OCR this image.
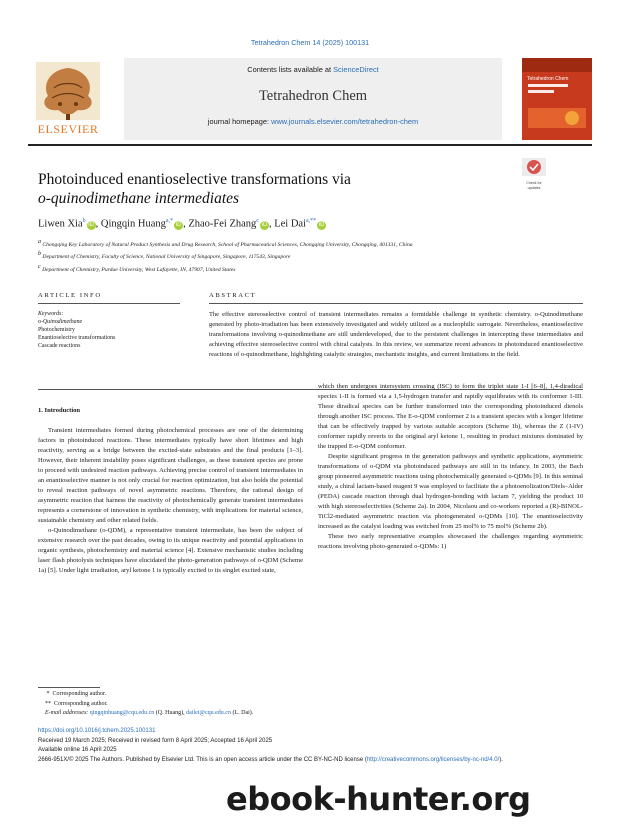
Tetrahedron Chem 14 (2025) 100131
ELSEVIER
Contents lists available at ScienceDirect
Tetrahedron Chem
journal homepage: www.journals.elsevier.com/tetrahedron-chem
Tetrahedron Chem
Photoinduced enantioselective transformations via
o-quinodimethane intermediates
Check for
updates
Liwen Xia$^b$iD , Qingqin Huang$^{a,*}$iD , Zhao-Fei Zhang$^c$iD , Lei Dai$^{a,**}$iD
$^a$ Chongqing Key Laboratory of Natural Product Synthesis and Drug Research, School of Pharmaceutical Sciences, Chongqing University, Chongqing, 401331, China
$^b$ Department of Chemistry, Faculty of Science, National University of Singapore, Singapore, 117543, Singapore
$^c$ Department of Chemistry, Purdue University, West Lafayette, IN, 47907, United States
ARTICLE INFO	ABSTRACT
Keywords:
o-Quinodimethane
Photochemistry
Enantioselective transformations
Cascade reactions
The effective stereoselective control of transient intermediates remains a formidable challenge in synthetic chemistry. o-Quinodimethane generated by photo-irradiation has been extensively investigated and widely utilized as a nucleophilic surrogate. Nevertheless, enantioselective transformations involving o-quinodimethane are still underdeveloped, due to the persistent challenges in intercepting these intermediates and achieving effective stereoselective control with chiral catalysts. In this review, we summarize recent advances in photoinduced enantioselective reactions of o-quinodimethane, highlighting catalytic strategies, mechanistic insights, and current limitations in the field.
1. Introduction

Transient intermediates formed during photochemical processes are one of the determining factors in photoinduced reactions. These intermediates typically have short lifetimes and high reactivity, serving as a bridge between the excited-state substrates and the final products [1–3]. However, their inherent instability poses significant challenges, as these transient species are prone to proceed with undesired reaction pathways. Achieving precise control of transient intermediates in an enantioselective manner is not only crucial for reaction optimization, but also holds the potential to reveal reaction pathways of novel asymmetric reactions. Therefore, the rational design of asymmetric reaction that harness the reactivity of photochemically generate transient intermediates represents a cornerstone of innovation in synthetic chemistry, with implications for material science, sustainable chemistry and other related fields.

o-Quinodimethane (o-QDM), a representative transient intermediate, has been the subject of extensive research over the past decades, owing to its unique reactivity and potential applications in organic synthesis, photochemistry and material science [4]. Extensive mechanistic studies including laser flash photolysis techniques have elucidated the photo-generation pathways of o-QDM (Scheme 1a) [5]. Under light irradiation, aryl ketone 1 is typically excited to its singlet excited state,

which then undergoes intersystem crossing (ISC) to form the triplet state 1-I [6–8], 1,4-diradical species 1-II is formed via a 1,5-hydrogen transfer and rapidly equilibrates with its conformer 1-III. These diradical species can be further transformed into the corresponding photoinduced dienols through another ISC process. The E-o-QDM conformer 2 is a transient species with a longer lifetime that can be effectively trapped by various suitable acceptors (Scheme 1b), whereas the Z (1-IV) conformer rapidly reverts to the original aryl ketone 1, resulting in product mixtures dominated by the trapped E-o-QDM conformer.

Despite significant progress in the generation pathways and synthetic applications, asymmetric transformations of o-QDM via photoinduced pathways are still in its infancy. In 2003, the Bach group pioneered asymmetric reactions using photochemically generated o-QDMs [9]. In this seminal study, a chiral lactam-based reagent 9 was employed to facilitate the a photoenolization/Diels–Alder (PEDA) cascade reaction through dual hydrogen-bonding with lactam 7, yielding the product 10 with high stereoselectivities (Scheme 2a). In 2004, Nicolaou and co-workers reported a (R)-BINOL-TiCl2-mediated asymmetric reaction via photogenerated o-QDMs [10]. The enantioselectivity increased as the catalyst loading was switched from 25 mol% to 75 mol% (Scheme 2b).

These two early representative examples showcased the challenges regarding asymmetric reactions involving photo-generated o-QDMs: 1)

*  Corresponding author.
**  Corresponding author.
E-mail addresses: qingqinhuang@cqu.edu.cn (Q. Huang), dailei@cqu.edu.cn (L. Dai).
https://doi.org/10.1016/j.tchem.2025.100131
Received 19 March 2025; Received in revised form 8 April 2025; Accepted 16 April 2025
Available online 16 April 2025
2666-951X/© 2025 The Authors. Published by Elsevier Ltd. This is an open access article under the CC BY-NC-ND license (http://creativecommons.org/licenses/by-nc-nd/4.0/).
ebook-hunter.org
